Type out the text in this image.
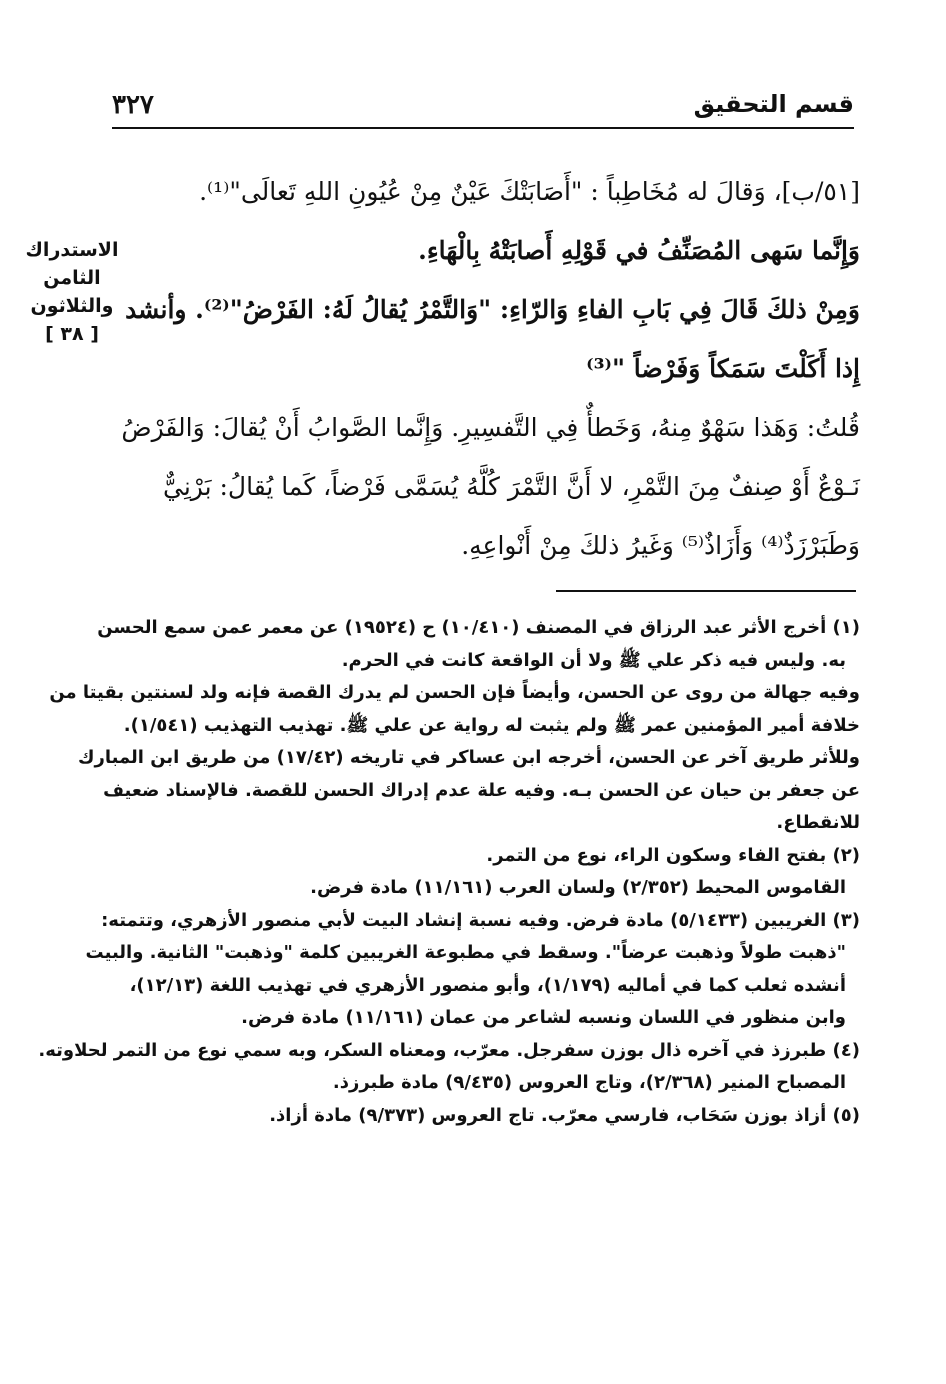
٣٢٧	قسم التحقيق
الاستدراك
الثامن
والثلاثون
[ ٣٨ ]
[٥١/ب]، وَقالَ له مُخَاطِباً : "أَصَابَتْكَ عَيْنٌ مِنْ عُيُونِ اللهِ تَعالَى"⁽¹⁾.
وَإِنَّما سَهى المُصَنِّفُ في قَوْلِهِ أَصابَتْهُ بِالْهَاءِ.
وَمِنْ ذلكَ قَالَ فِي بَابِ الفاءِ وَالرّاءِ: "وَالتَّمْرُ يُقالُ لَهُ: الفَرْضُ"⁽²⁾. وأنشد
إِذا أَكَلْتَ سَمَكاً وَفَرْضاً "⁽³⁾
قُلتُ: وَهَذا سَهْوٌ مِنهُ، وَخَطأٌ فِي التَّفسِيرِ. وَإِنَّما الصَّوابُ أَنْ يُقالَ: وَالفَرْضُ
نَـوْعٌ أَوْ صِنفٌ مِنَ التَّمْرِ، لا أَنَّ التَّمْرَ كُلَّهُ يُسَمَّى فَرْضاً، كَما يُقالُ: بَرْنِيٌّ
وَطَبَرْزَذٌ⁽⁴⁾ وَأَزَاذٌ⁽⁵⁾ وَغَيرُ ذلكَ مِنْ أَنْواعِهِ.
(١) أخرج الأثر عبد الرزاق في المصنف (١٠/٤١٠) ح (١٩٥٢٤) عن معمر عمن سمع الحسن
به. وليس فيه ذكر علي ﷺ ولا أن الواقعة كانت في الحرم.
وفيه جهالة من روى عن الحسن، وأيضاً فإن الحسن لم يدرك القصة فإنه ولد لسنتين بقيتا من
خلافة أمير المؤمنين عمر ﷺ ولم يثبت له رواية عن علي ﷺ. تهذيب التهذيب (١/٥٤١).
وللأثر طريق آخر عن الحسن، أخرجه ابن عساكر في تاريخه (١٧/٤٢) من طريق ابن المبارك
عن جعفر بن حيان عن الحسن بـه. وفيه علة عدم إدراك الحسن للقصة. فالإسناد ضعيف
للانقطاع.
(٢) بفتح الفاء وسكون الراء، نوع من التمر.
القاموس المحيط (٢/٣٥٢) ولسان العرب (١١/١٦١) مادة فرض.
(٣) الغريبين (٥/١٤٣٣) مادة فرض. وفيه نسبة إنشاد البيت لأبي منصور الأزهري، وتتمته:
"ذهبت طولاً وذهبت عرضاً". وسقط في مطبوعة الغريبين كلمة "وذهبت" الثانية. والبيت
أنشده ثعلب كما في أماليه (١/١٧٩)، وأبو منصور الأزهري في تهذيب اللغة (١٢/١٣)،
وابن منظور في اللسان ونسبه لشاعر من عمان (١١/١٦١) مادة فرض.
(٤) طبرزذ في آخره ذال بوزن سفرجل. معرّب، ومعناه السكر، وبه سمي نوع من التمر لحلاوته.
المصباح المنير (٢/٣٦٨)، وتاج العروس (٩/٤٣٥) مادة طبرزذ.
(٥) أزاذ بوزن سَحَاب، فارسي معرّب. تاج العروس (٩/٣٧٣) مادة أزاذ.
